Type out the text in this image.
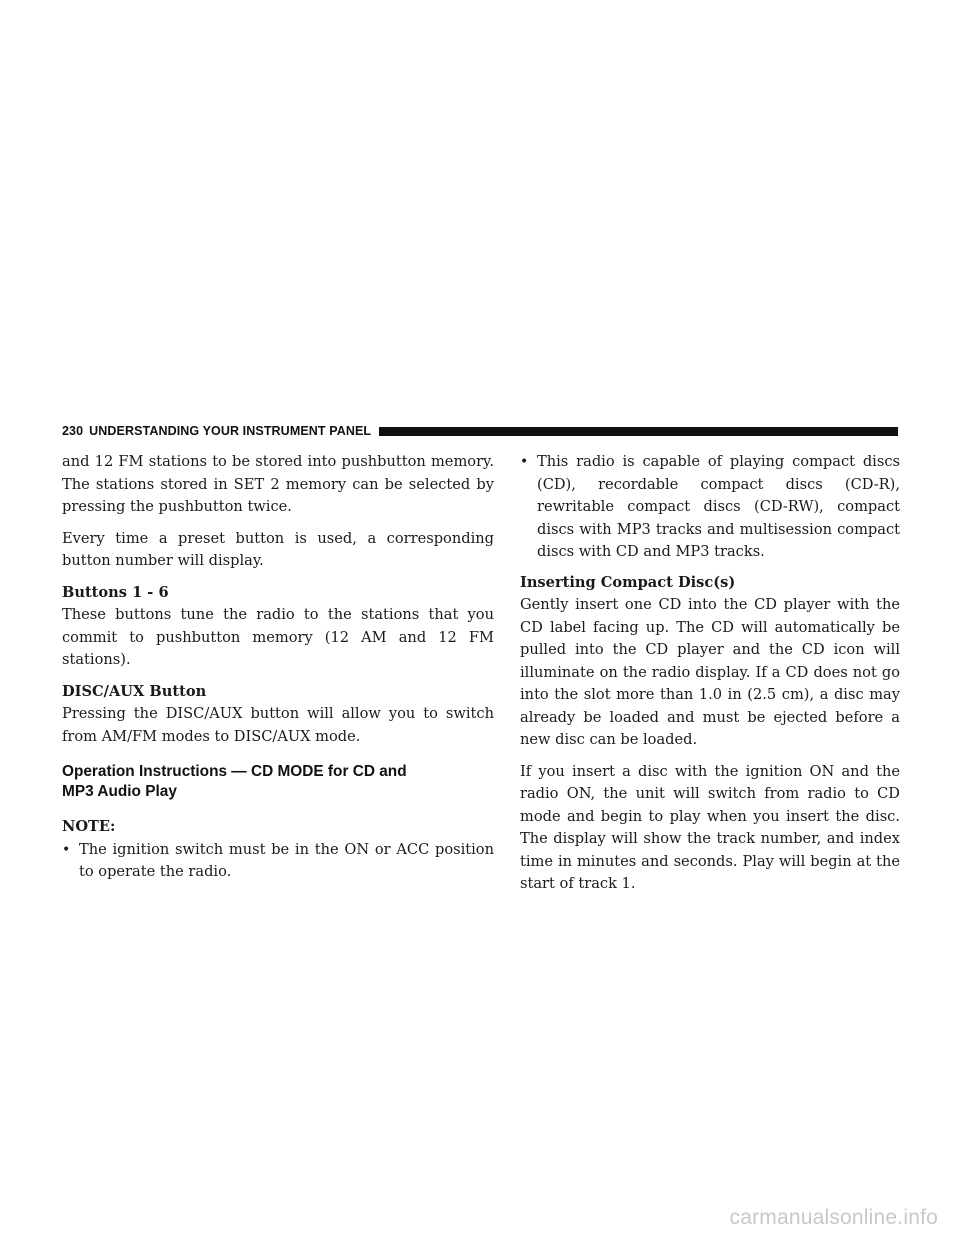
230 UNDERSTANDING YOUR INSTRUMENT PANEL

and 12 FM stations to be stored into pushbutton memory. The stations stored in SET 2 memory can be selected by pressing the pushbutton twice.

Every time a preset button is used, a corresponding button number will display.

Buttons 1 - 6

These buttons tune the radio to the stations that you commit to pushbutton memory (12 AM and 12 FM stations).

DISC/AUX Button

Pressing the DISC/AUX button will allow you to switch from AM/FM modes to DISC/AUX mode.

Operation Instructions — CD MODE for CD and
MP3 Audio Play
NOTE:
• The ignition switch must be in the ON or ACC position to operate the radio.
• This radio is capable of playing compact discs (CD), recordable compact discs (CD-R), rewritable compact discs (CD-RW), compact discs with MP3 tracks and multisession compact discs with CD and MP3 tracks.
Inserting Compact Disc(s)

Gently insert one CD into the CD player with the CD label facing up. The CD will automatically be pulled into the CD player and the CD icon will illuminate on the radio display. If a CD does not go into the slot more than 1.0 in (2.5 cm), a disc may already be loaded and must be ejected before a new disc can be loaded.

If you insert a disc with the ignition ON and the radio ON, the unit will switch from radio to CD mode and begin to play when you insert the disc. The display will show the track number, and index time in minutes and seconds. Play will begin at the start of track 1.

carmanualsonline.info
